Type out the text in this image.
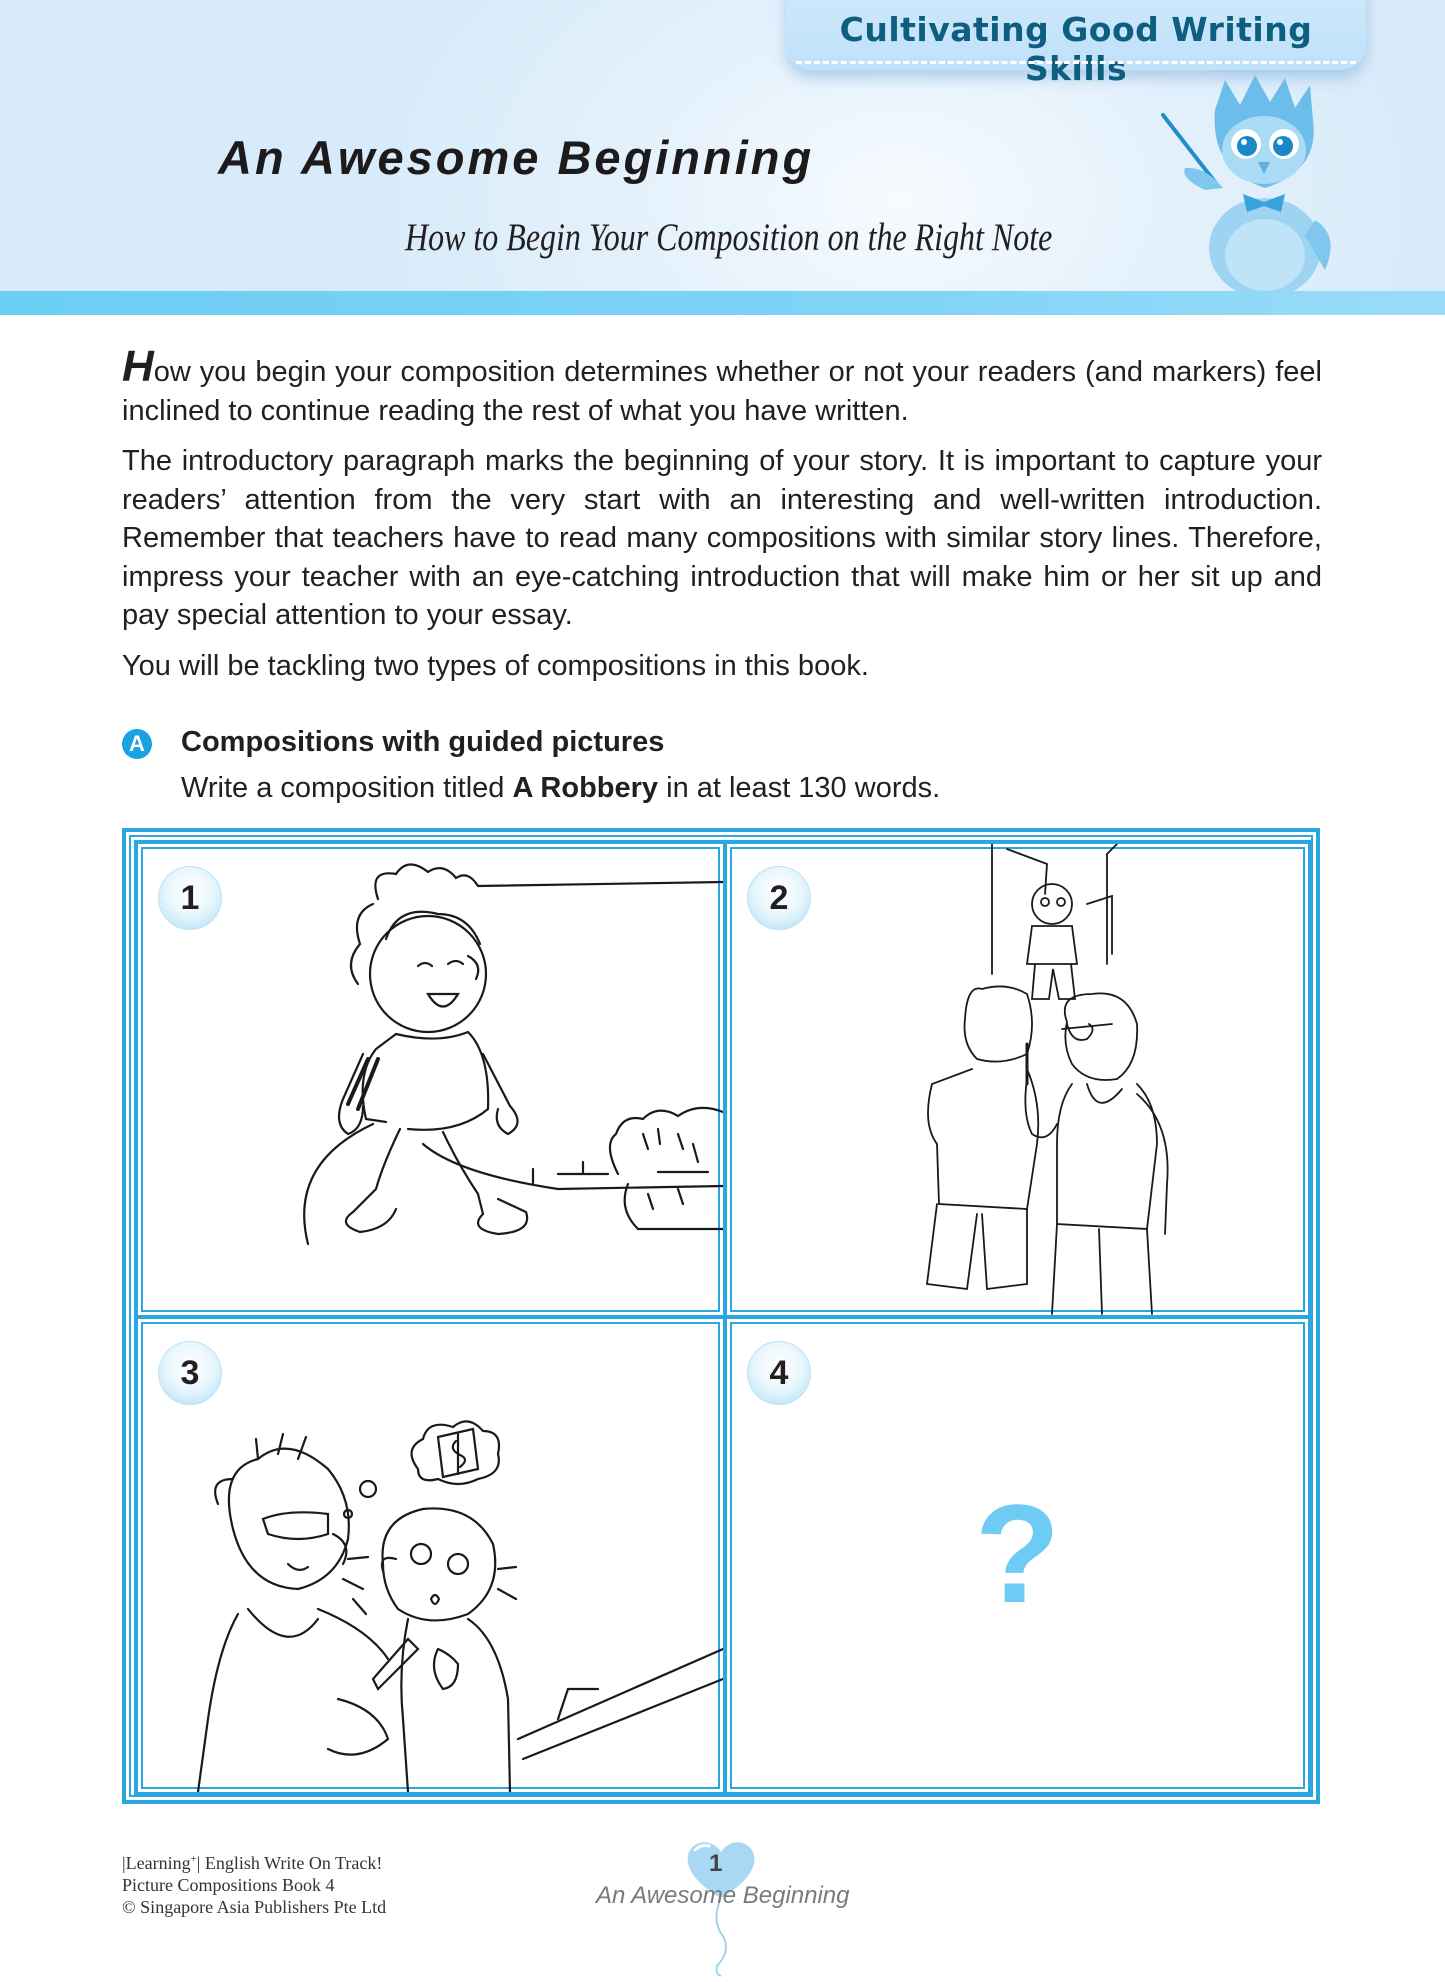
Cultivating Good Writing Skills
An Awesome Beginning
How to Begin Your Composition on the Right Note

How you begin your composition determines whether or not your readers (and markers) feel inclined to continue reading the rest of what you have written.

The introductory paragraph marks the beginning of your story. It is important to capture your readers’ attention from the very start with an interesting and well-written introduction. Remember that teachers have to read many compositions with similar story lines. Therefore, impress your teacher with an eye-catching introduction that will make him or her sit up and pay special attention to your essay.

You will be tackling two types of compositions in this book.

A Compositions with guided pictures
Write a composition titled A Robbery in at least 130 words.
1	2
3	4
?
|Learning+| English Write On Track!
Picture Compositions Book 4
© Singapore Asia Publishers Pte Ltd
1
An Awesome Beginning
